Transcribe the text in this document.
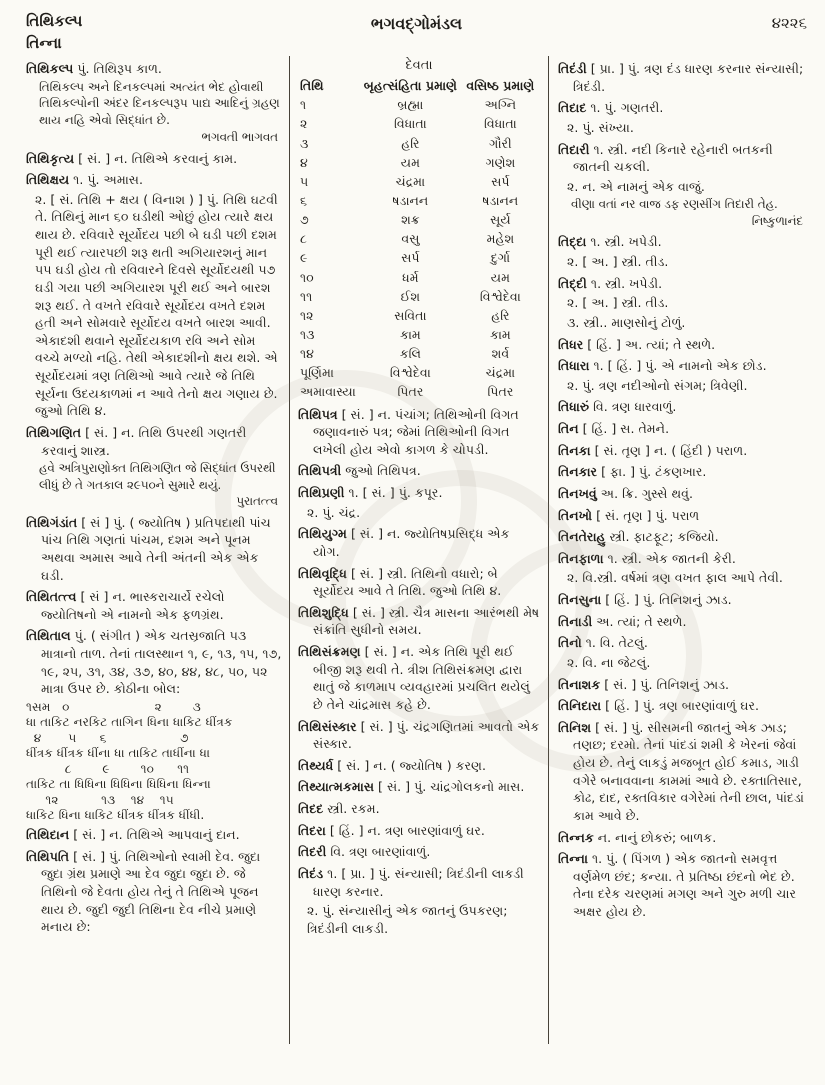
તિથિકલ્પ
તિન્ના
ભગવદ્ગોમંડલ	૪૨૨૬
તિથિકલ્પ પું. તિથિરૂપ કાળ.
તિથિકલ્પ અને દિનકલ્પમાં અત્યંત ભેદ હોવાથી તિથિકલ્પોની અંદર દિનકલ્પરૂપ પાદ્ય આદિનું ગ્રહણ થાય નહિ એવો સિદ્ધાંત છે.
ભગવતી ભાગવત
તિથિકૃત્ય [ સં. ] ન. તિથિએ કરવાનું કામ.
તિથિક્ષય ૧. પું. અમાસ.
૨. [ સં. તિથિ + ક્ષય ( વિનાશ ) ] પું. તિથિ ઘટવી તે. તિથિનું માન ૬૦ ઘડીથી ઓછું હોય ત્યારે ક્ષય થાય છે. રવિવારે સૂર્યોદય પછી બે ઘડી પછી દશમ પૂરી થઈ ત્યારપછી શરૂ થતી અગિયારશનું માન ૫૫ ઘડી હોય તો રવિવારને દિવસે સૂર્યોદયથી ૫૭ ઘડી ગયા પછી અગિયારશ પૂરી થઈ અને બારશ શરૂ થઈ. તે વખતે રવિવારે સૂર્યોદય વખતે દશમ હતી અને સોમવારે સૂર્યોદય વખતે બારશ આવી. એકાદશી થવાને સૂર્યોદયકાળ રવિ અને સોમ વચ્ચે મળ્યો નહિ. તેથી એકાદશીનો ક્ષય થશે. એ સૂર્યોદયમાં ત્રણ તિથિઓ આવે ત્યારે જે તિથિ સૂર્યના ઉદયકાળમાં ન આવે તેનો ક્ષય ગણાય છે. જુઓ તિથિ ૪.
તિથિગણિત [ સં. ] ન. તિથિ ઉપરથી ગણતરી કરવાનું શાસ્ત્ર.
હવે અત્રિપુરાણોક્ત તિથિગણિત જે સિદ્ધાંત ઉપરથી લીધું છે તે ગતકાલ ૨૯૫૦ને સુમારે થયું.
પુરાતત્ત્વ
તિથિગંડાંત [ સં ] પું. ( જ્યોતિષ ) પ્રતિપદાથી પાંચ પાંચ તિથિ ગણતાં પાંચમ, દશમ અને પૂનમ અથવા અમાસ આવે તેની અંતની એક એક ઘડી.
તિથિતત્ત્વ [ સં ] ન. ભાસ્કરાચાર્યે રચેલો જ્યોતિષનો એ નામનો એક ફળગ્રંથ.
તિથિતાલ પું. ( સંગીત ) એક ચતસ્રજાતિ ૫૩ માત્રાનો તાળ. તેનાં તાલસ્થાન ૧, ૯, ૧૩, ૧૫, ૧૭, ૧૯, ૨૫, ૩૧, ૩૪, ૩૭, ૪૦, ૪૪, ૪૮, ૫૦, ૫૨ માત્રા ઉપર છે. કોઠીના બોલ:
૧સમ   ૦                      ૨        ૩
ધા તાકિટ નરકિટ તાગિન ધિના ધાકિટ ધીંત્રક
૪       ૫      ૬                   ૭
ધીંત્રક ધીંત્રક ધીંના ધા તાકિટ તાધીંના ધા
૮        ૯        ૧૦      ૧૧
તાકિટ તા ધિધિના ધિધિના ધિધિના ધિન્ના
૧૨           ૧૩    ૧૪    ૧૫
ધાકિટ ધિના ધાકિટ ધીંત્રક ધીંત્રક ધીંધી.
તિથિદાન [ સં. ] ન. તિથિએ આપવાનું દાન.
તિથિપતિ [ સં. ] પું. તિથિઓનો સ્વામી દેવ. જુદા જુદા ગ્રંથ પ્રમાણે આ દેવ જુદા જુદા છે. જે તિથિનો જે દેવતા હોય તેનું તે તિથિએ પૂજન થાય છે. જુદી જુદી તિથિના દેવ નીચે પ્રમાણે મનાય છે:
દેવતા
તિથિ	બૃહત્સંહિતા પ્રમાણે વસિષ્ઠ પ્રમાણે
૧	બ્રહ્મા	અગ્નિ
૨	વિધાતા	વિધાતા
૩	હરિ	ગૌરી
૪	યમ	ગણેશ
૫	ચંદ્રમા	સર્પ
૬	ષડાનન	ષડાનન
૭	શક્ર	સૂર્ય
૮	વસુ	મહેશ
૯	સર્પ	દુર્ગા
૧૦	ધર્મ	યમ
૧૧	ઈશ	વિશ્વેદેવા
૧૨	સવિતા	હરિ
૧૩	કામ	કામ
૧૪	કલિ	શર્વ
પૂર્ણિમા	વિશ્વેદેવા	ચંદ્રમા
અમાવાસ્યા	પિતર	પિતર
તિથિપત્ર [ સં. ] ન. પંચાંગ; તિથિઓની વિગત જણાવનારું પત્ર; જેમાં તિથિઓની વિગત લખેલી હોય એવો કાગળ કે ચોપડી.
તિથિપત્રી જુઓ તિથિપત્ર.
તિથિપ્રણી ૧. [ સં. ] પું. કપૂર.
૨. પું. ચંદ્ર.
તિથિયુગ્મ [ સં. ] ન. જ્યોતિષપ્રસિદ્ધ એક યોગ.
તિથિવૃદ્ધિ [ સં. ] સ્ત્રી. તિથિનો વધારો; બે સૂર્યોદય આવે તે તિથિ. જુઓ તિથિ ૪.
તિથિશુદ્ધિ [ સં. ] સ્ત્રી. ચૈત્ર માસના આરંભથી મેષ સંક્રાંતિ સુધીનો સમય.
તિથિસંક્રમણ [ સં. ] ન. એક તિથિ પૂરી થઈ બીજી શરૂ થવી તે. ત્રીશ તિથિસંક્રમણ દ્વારા થાતું જે કાળમાપ વ્યવહારમાં પ્રચલિત થયેલું છે તેને ચાંદ્રમાસ કહે છે.
તિથિસંસ્કાર [ સં. ] પું. ચંદ્રગણિતમાં આવતો એક સંસ્કાર.
તિથ્યર્ધ [ સં. ] ન. ( જ્યોતિષ ) કરણ.
તિથ્યાત્મકમાસ [ સં. ] પું. ચાંદ્રગોલકનો માસ.
તિદદ સ્ત્રી. રકમ.
તિદરા [ હિં. ] ન. ત્રણ બારણાંવાળું ઘર.
તિદરી વિ. ત્રણ બારણાંવાળું.
તિદંડ ૧. [ પ્રા. ] પું. સંન્યાસી; ત્રિદંડીની લાકડી ધારણ કરનાર.
૨. પું. સંન્યાસીનું એક જાતનું ઉપકરણ; ત્રિદંડીની લાકડી.
તિદંડી [ પ્રા. ] પું. ત્રણ દંડ ધારણ કરનાર સંન્યાસી; ત્રિદંડી.
તિદાદ ૧. પું. ગણતરી.
૨. પું. સંખ્યા.
તિદારી ૧. સ્ત્રી. નદી કિનારે રહેનારી બતકની જાતની ચકલી.
૨. ન. એ નામનું એક વાજું.
વીણા વતાં નર વાજ ડફ રણસીંગ તિદારી તેહ.
નિષ્કુળાનંદ
તિદ્દા ૧. સ્ત્રી. ખપેડી.
૨. [ અ. ] સ્ત્રી. તીડ.
તિદ્દી ૧. સ્ત્રી. ખપેડી.
૨. [ અ. ] સ્ત્રી. તીડ.
૩. સ્ત્રી.. માણસોનું ટોળું.
તિધર [ હિં. ] અ. ત્યાં; તે સ્થળે.
તિધારા ૧. [ હિં. ] પું. એ નામનો એક છોડ.
૨. પું. ત્રણ નદીઓનો સંગમ; ત્રિવેણી.
તિધારું વિ. ત્રણ ધારવાળું.
તિન [ હિં. ] સ. તેમને.
તિનકા [ સં. તૃણ ] ન. ( હિંદી ) પરાળ.
તિનકાર [ ફા. ] પું. ટંકણખાર.
તિનખવું અ. ક્રિ. ગુસ્સે થવું.
તિનખો [ સં. તૃણ ] પું. પરાળ
તિનતેરાહુ સ્ત્રી. ફાટફૂટ; કજિયો.
તિનફાળા ૧. સ્ત્રી. એક જાતની કેરી.
૨. વિ.સ્ત્રી. વર્ષમાં ત્રણ વખત ફાલ આપે તેવી.
તિનસુના [ હિં. ] પું. તિનિશનું ઝાડ.
તિનાડી અ. ત્યાં; તે સ્થળે.
તિનો ૧. વિ. તેટલું.
૨. વિ. ના જેટલું.
તિનાશક [ સં. ] પું. તિનિશનું ઝાડ.
તિનિદારા [ હિં. ] પું. ત્રણ બારણાંવાળું ઘર.
તિનિશ [ સં. ] પું. સીસમની જાતનું એક ઝાડ; તણછ; દરમો. તેનાં પાંદડાં શમી કે ખેરનાં જેવાં હોય છે. તેનું લાકડું મજબૂત હોઈ કમાડ, ગાડી વગેરે બનાવવાના કામમાં આવે છે. રક્તાતિસાર, કોઢ, દાદ, રક્તવિકાર વગેરેમાં તેની છાલ, પાંદડાં કામ આવે છે.
તિન્નક ન. નાનું છોકરું; બાળક.
તિન્ના ૧. પું. ( પિંગળ ) એક જાતનો સમવૃત્ત વર્ણમેળ છંદ; કન્યા. તે પ્રતિષ્ઠા છંદનો ભેદ છે. તેના દરેક ચરણમાં મગણ અને ગુરુ મળી ચાર અક્ષર હોય છે.
